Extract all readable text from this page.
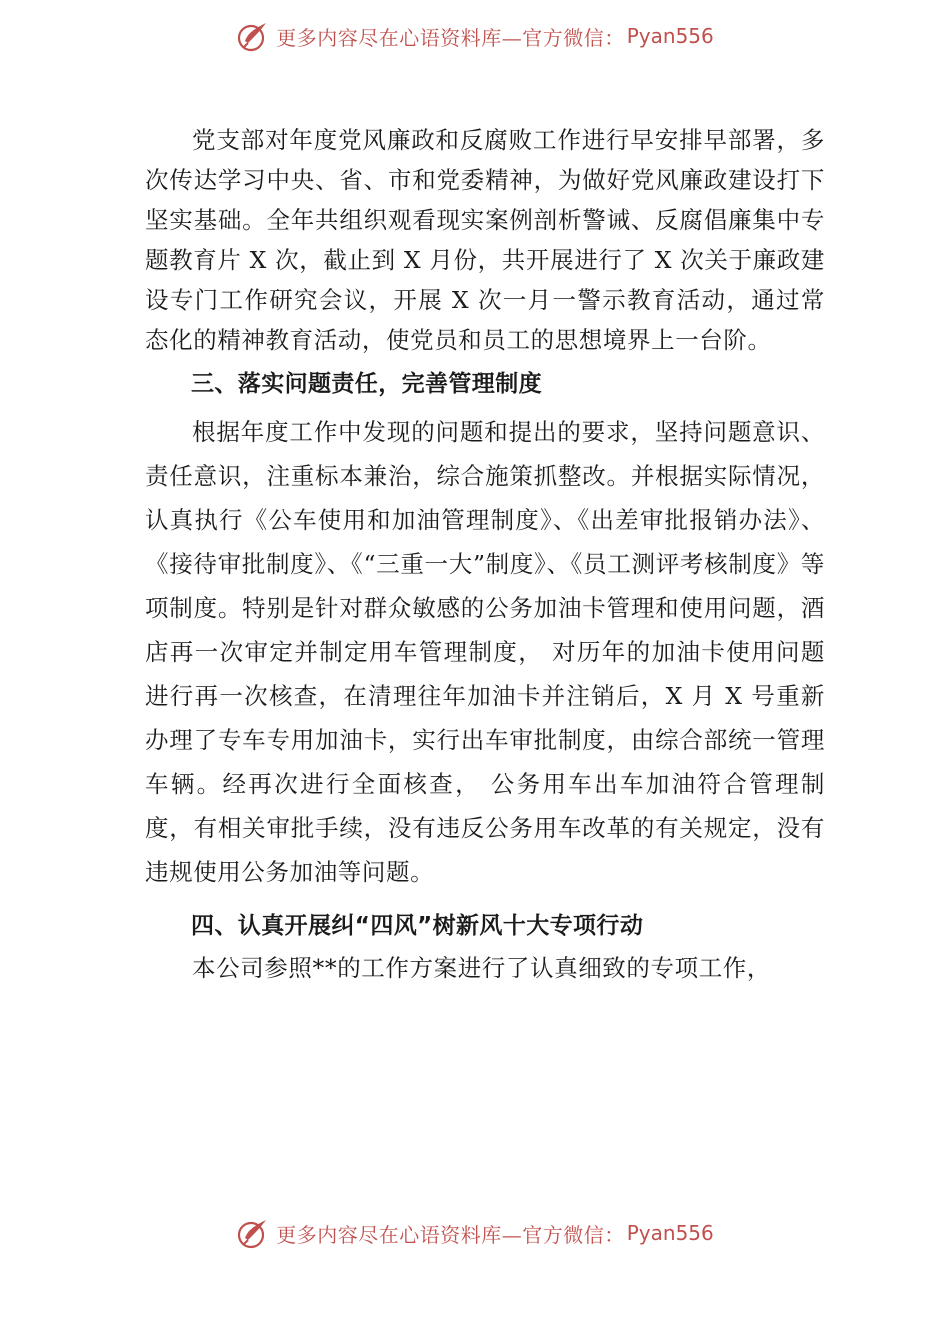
更多内容尽在心语资料库—官方微信： Pyan556

党支部对年度党风廉政和反腐败工作进行早安排早部署，多次传达学习中央、省、市和党委精神，为做好党风廉政建设打下坚实基础。全年共组织观看现实案例剖析警诫、反腐倡廉集中专题教育片 X 次，截止到 X 月份，共开展进行了 X 次关于廉政建设专门工作研究会议，开展 X 次一月一警示教育活动，通过常态化的精神教育活动，使党员和员工的思想境界上一台阶。

三、落实问题责任，完善管理制度

根据年度工作中发现的问题和提出的要求，坚持问题意识、责任意识，注重标本兼治，综合施策抓整改。并根据实际情况，认真执行《公车使用和加油管理制度》、《出差审批报销办法》、《接待审批制度》、《“三重一大”制度》、《员工测评考核制度》等项制度。特别是针对群众敏感的公务加油卡管理和使用问题，酒店再一次审定并制定用车管理制度， 对历年的加油卡使用问题进行再一次核查，在清理往年加油卡并注销后，X 月 X 号重新办理了专车专用加油卡，实行出车审批制度，由综合部统一管理车辆。经再次进行全面核查， 公务用车出车加油符合管理制度，有相关审批手续，没有违反公务用车改革的有关规定，没有违规使用公务加油等问题。

四、认真开展纠“四风”树新风十大专项行动

本公司参照**的工作方案进行了认真细致的专项工作，

更多内容尽在心语资料库—官方微信： Pyan556
